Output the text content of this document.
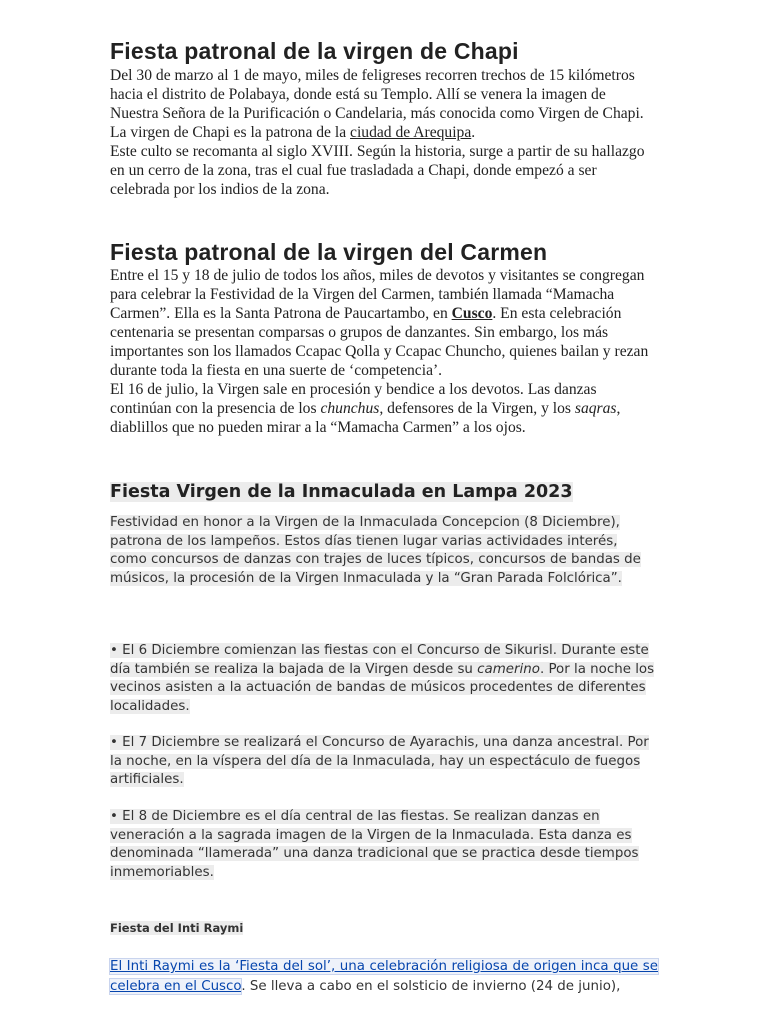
Fiesta patronal de la virgen de Chapi

Del 30 de marzo al 1 de mayo, miles de feligreses recorren trechos de 15 kilómetros hacia el distrito de Polabaya, donde está su Templo. Allí se venera la imagen de Nuestra Señora de la Purificación o Candelaria, más conocida como Virgen de Chapi. La virgen de Chapi es la patrona de la ciudad de Arequipa.

Este culto se recomanta al siglo XVIII. Según la historia, surge a partir de su hallazgo en un cerro de la zona, tras el cual fue trasladada a Chapi, donde empezó a ser celebrada por los indios de la zona.

Fiesta patronal de la virgen del Carmen

Entre el 15 y 18 de julio de todos los años, miles de devotos y visitantes se congregan para celebrar la Festividad de la Virgen del Carmen, también llamada “Mamacha Carmen”. Ella es la Santa Patrona de Paucartambo, en Cusco. En esta celebración centenaria se presentan comparsas o grupos de danzantes. Sin embargo, los más importantes son los llamados Ccapac Qolla y Ccapac Chuncho, quienes bailan y rezan durante toda la fiesta en una suerte de ‘competencia’.

El 16 de julio, la Virgen sale en procesión y bendice a los devotos. Las danzas continúan con la presencia de los chunchus, defensores de la Virgen, y los saqras, diablillos que no pueden mirar a la “Mamacha Carmen” a los ojos.

Fiesta Virgen de la Inmaculada en Lampa 2023

Festividad en honor a la Virgen de la Inmaculada Concepcion (8 Diciembre), patrona de los lampeños. Estos días tienen lugar varias actividades interés, como concursos de danzas con trajes de luces típicos, concursos de bandas de músicos, la procesión de la Virgen Inmaculada y la “Gran Parada Folclórica”.

• El 6 Diciembre comienzan las fiestas con el Concurso de Sikurisl. Durante este día también se realiza la bajada de la Virgen desde su camerino. Por la noche los vecinos asisten a la actuación de bandas de músicos procedentes de diferentes localidades.

• El 7 Diciembre se realizará el Concurso de Ayarachis, una danza ancestral. Por la noche, en la víspera del día de la Inmaculada, hay un espectáculo de fuegos artificiales.

• El 8 de Diciembre es el día central de las fiestas. Se realizan danzas en veneración a la sagrada imagen de la Virgen de la Inmaculada. Esta danza es denominada “llamerada” una danza tradicional que se practica desde tiempos inmemoriables.

Fiesta del Inti Raymi

El Inti Raymi es la ‘Fiesta del sol’, una celebración religiosa de origen inca que se celebra en el Cusco. Se lleva a cabo en el solsticio de invierno (24 de junio),
